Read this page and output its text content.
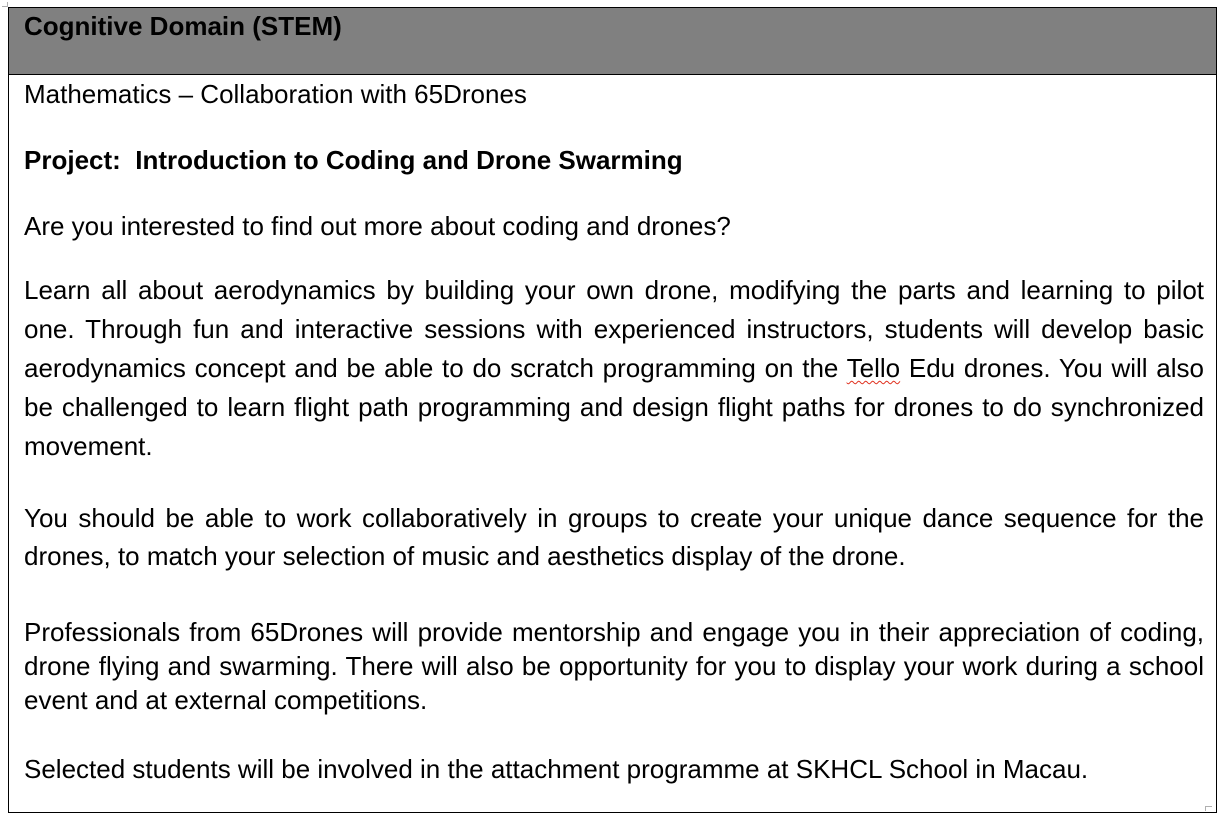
Cognitive Domain (STEM)

Mathematics – Collaboration with 65Drones

Project:  Introduction to Coding and Drone Swarming

Are you interested to find out more about coding and drones?

Learn all about aerodynamics by building your own drone, modifying the parts and learning to pilot one. Through fun and interactive sessions with experienced instructors, students will develop basic aerodynamics concept and be able to do scratch programming on the Tello Edu drones. You will also be challenged to learn flight path programming and design flight paths for drones to do synchronized movement.

You should be able to work collaboratively in groups to create your unique dance sequence for the drones, to match your selection of music and aesthetics display of the drone.

Professionals from 65Drones will provide mentorship and engage you in their appreciation of coding, drone flying and swarming. There will also be opportunity for you to display your work during a school event and at external competitions.

Selected students will be involved in the attachment programme at SKHCL School in Macau.
